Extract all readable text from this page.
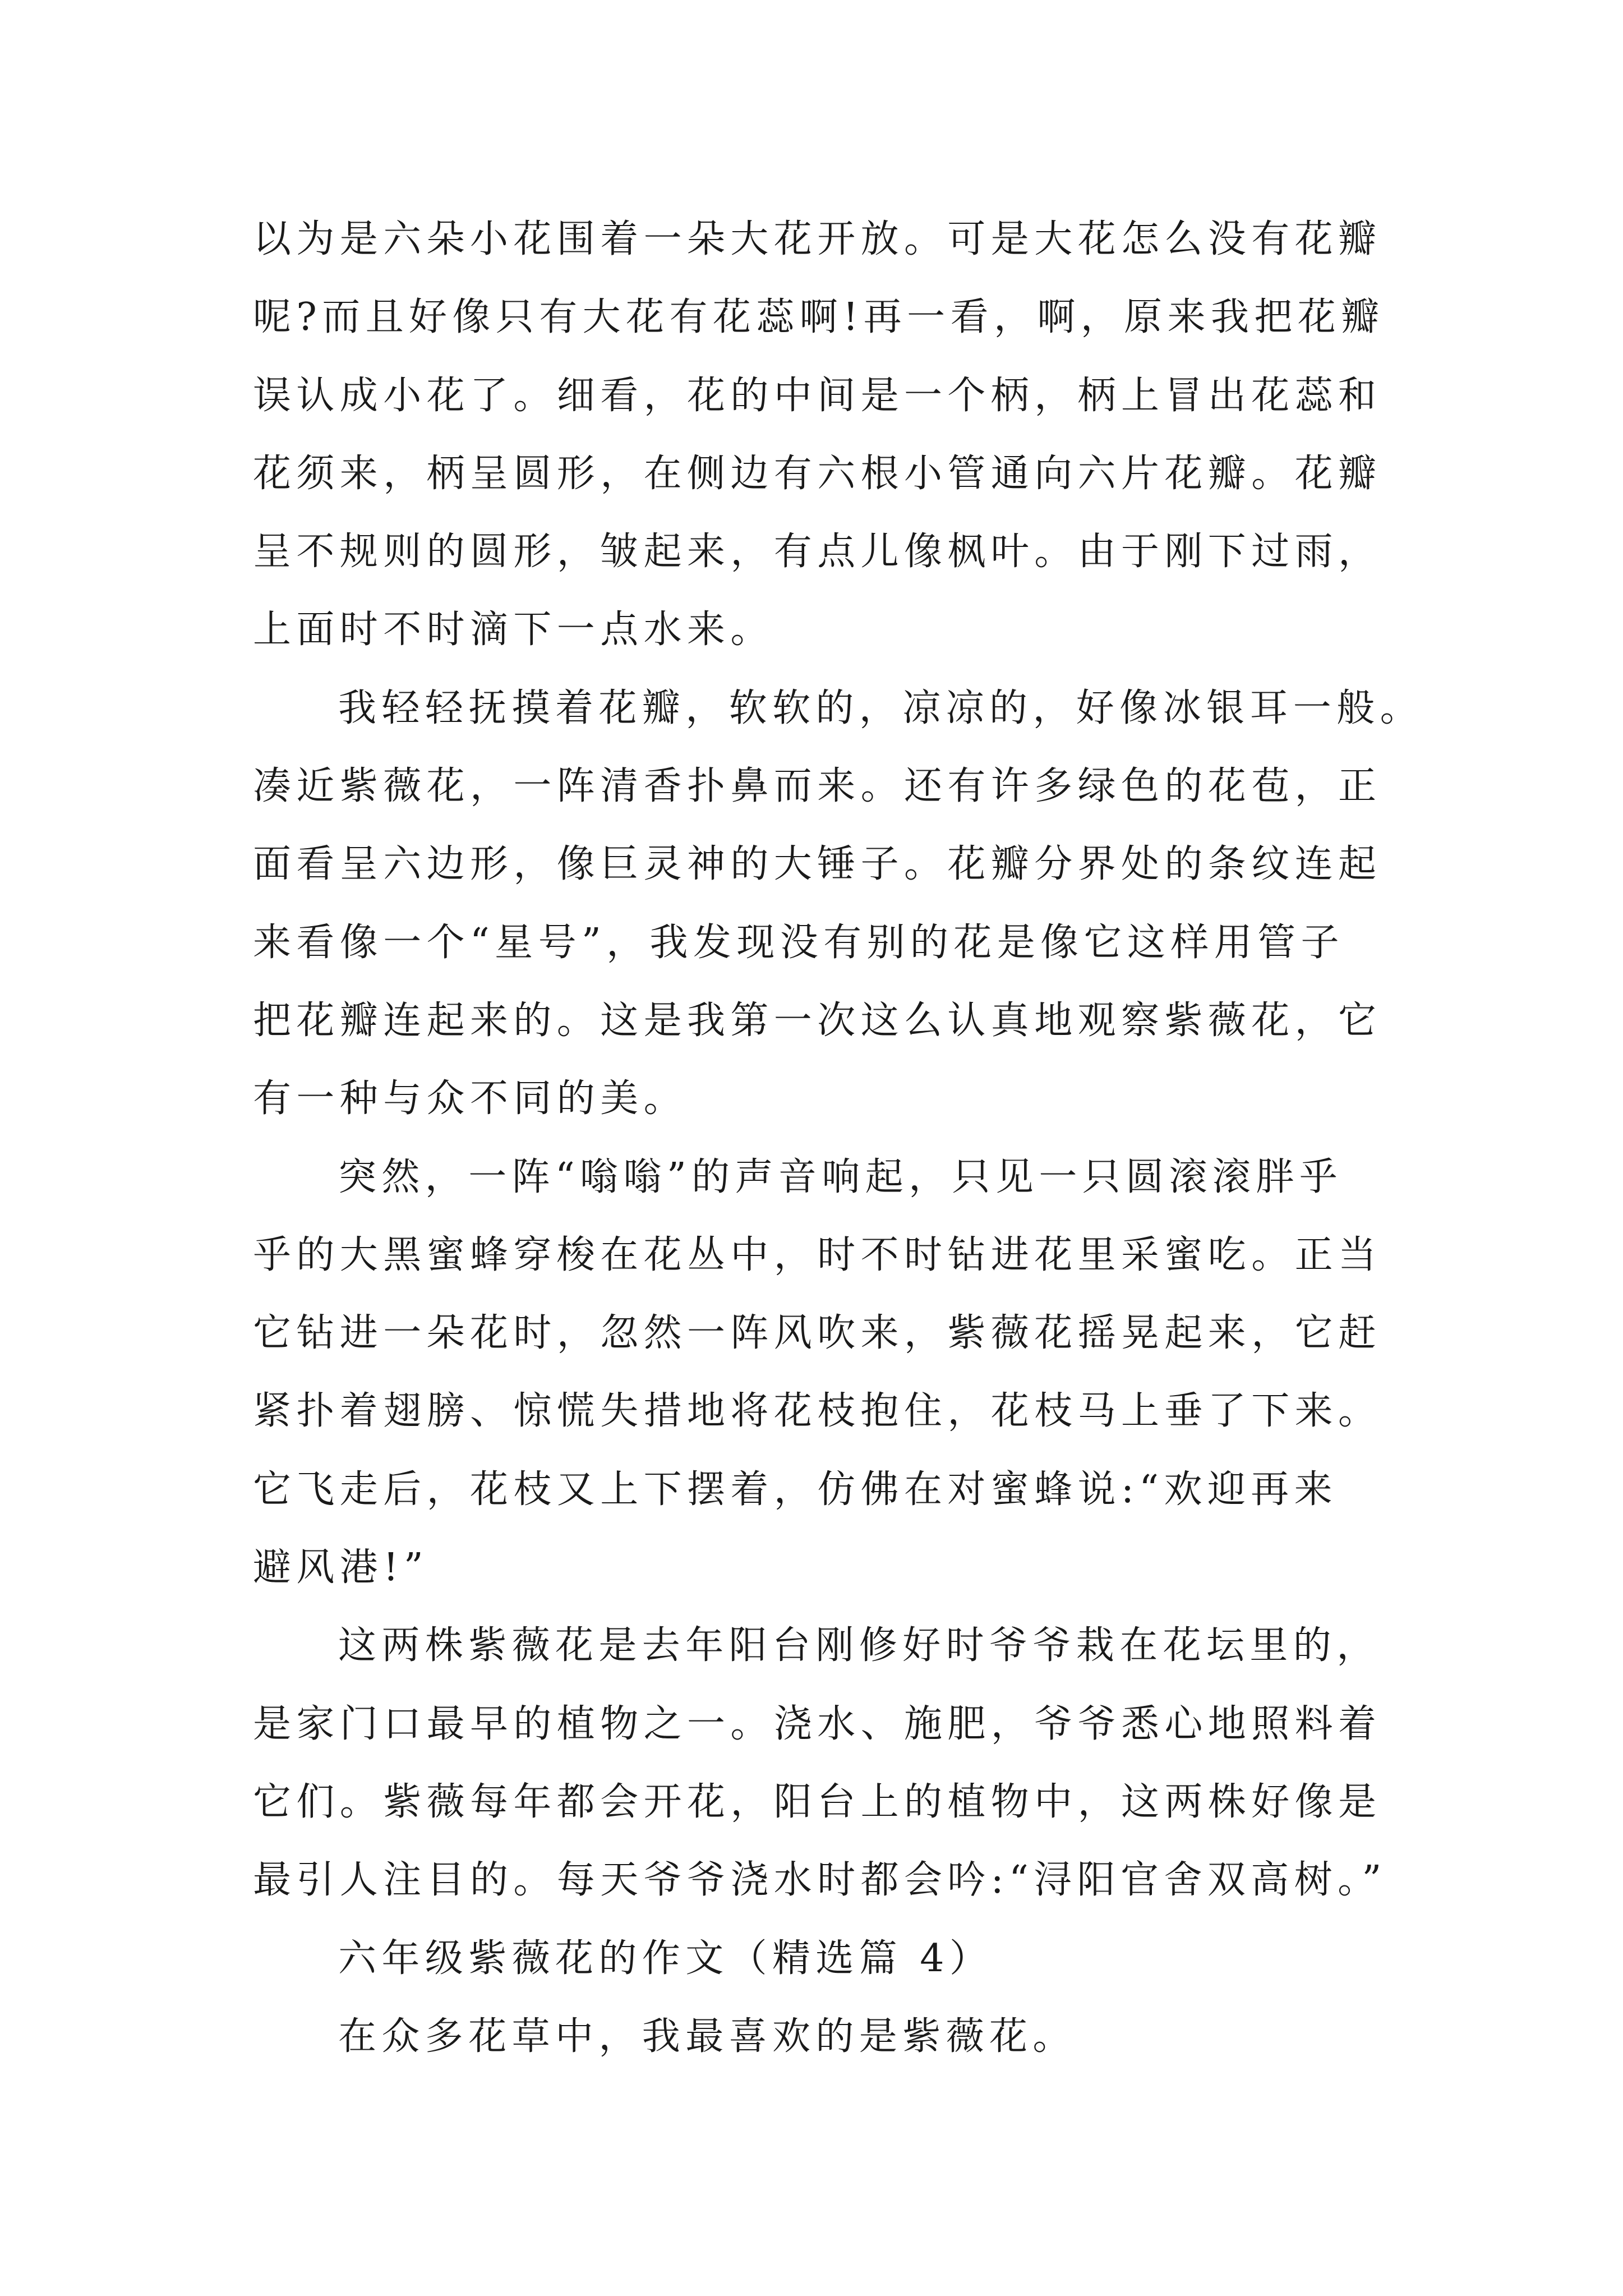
以为是六朵小花围着一朵大花开放。可是大花怎么没有花瓣
呢?而且好像只有大花有花蕊啊!再一看，啊，原来我把花瓣
误认成小花了。细看，花的中间是一个柄，柄上冒出花蕊和
花须来，柄呈圆形，在侧边有六根小管通向六片花瓣。花瓣
呈不规则的圆形，皱起来，有点儿像枫叶。由于刚下过雨，
上面时不时滴下一点水来。
我轻轻抚摸着花瓣，软软的，凉凉的，好像冰银耳一般。
凑近紫薇花，一阵清香扑鼻而来。还有许多绿色的花苞，正
面看呈六边形，像巨灵神的大锤子。花瓣分界处的条纹连起
来看像一个“星号”，我发现没有别的花是像它这样用管子
把花瓣连起来的。这是我第一次这么认真地观察紫薇花，它
有一种与众不同的美。
突然，一阵“嗡嗡”的声音响起，只见一只圆滚滚胖乎
乎的大黑蜜蜂穿梭在花丛中，时不时钻进花里采蜜吃。正当
它钻进一朵花时，忽然一阵风吹来，紫薇花摇晃起来，它赶
紧扑着翅膀、惊慌失措地将花枝抱住，花枝马上垂了下来。
它飞走后，花枝又上下摆着，仿佛在对蜜蜂说:“欢迎再来
避风港!”
这两株紫薇花是去年阳台刚修好时爷爷栽在花坛里的，
是家门口最早的植物之一。浇水、施肥，爷爷悉心地照料着
它们。紫薇每年都会开花，阳台上的植物中，这两株好像是
最引人注目的。每天爷爷浇水时都会吟:“浔阳官舍双高树。”
六年级紫薇花的作文（精选篇 4）
在众多花草中，我最喜欢的是紫薇花。
